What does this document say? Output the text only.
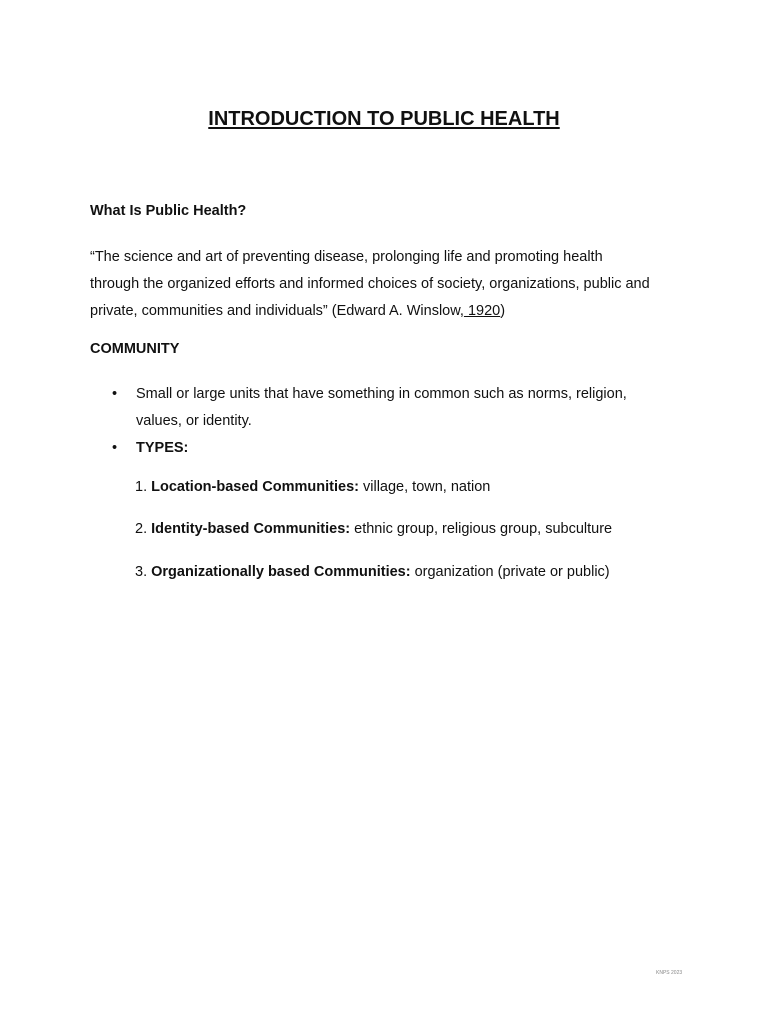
INTRODUCTION TO PUBLIC HEALTH
What Is Public Health?

“The science and art of preventing disease, prolonging life and promoting health
through the organized efforts and informed choices of society, organizations, public and
private, communities and individuals” (Edward A. Winslow, 1920)

COMMUNITY
• Small or large units that have something in common such as norms, religion,
values, or identity.
• TYPES:

1. Location-based Communities: village, town, nation

2. Identity-based Communities: ethnic group, religious group, subculture

3. Organizationally based Communities: organization (private or public)

KNPS 2023
